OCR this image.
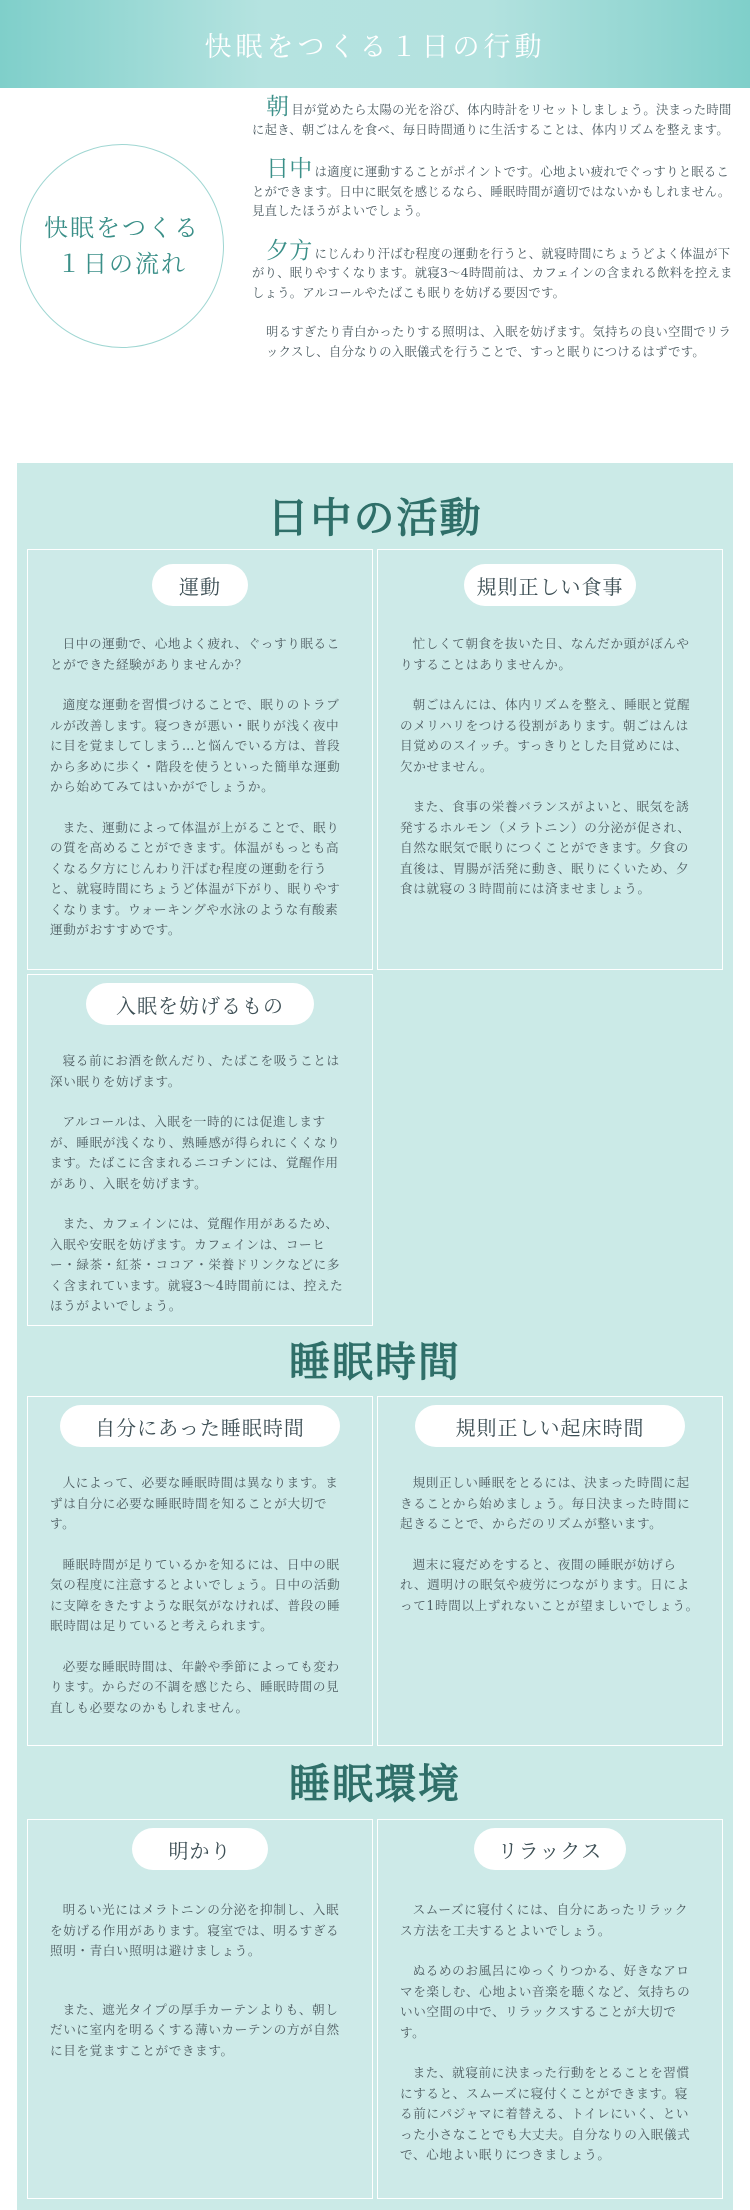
快眠をつくる１日の行動
快眠をつくる
１日の流れ

朝目が覚めたら太陽の光を浴び、体内時計をリセットしましょう。決まった時間に起き、朝ごはんを食べ、毎日時間通りに生活することは、体内リズムを整えます。

日中 は適度に運動することがポイントです。心地よい疲れでぐっすりと眠ることができます。日中に眠気を感じるなら、睡眠時間が適切ではないかもしれません。見直したほうがよいでしょう。

夕方 にじんわり汗ばむ程度の運動を行うと、就寝時間にちょうどよく体温が下がり、眠りやすくなります。就寝3～4時間前は、カフェインの含まれる飲料を控えましょう。アルコールやたばこも眠りを妨げる要因です。

明るすぎたり青白かったりする照明は、入眠を妨げます。気持ちの良い空間でリラックスし、自分なりの入眠儀式を行うことで、すっと眠りにつけるはずです。

日中の活動
運動

日中の運動で、心地よく疲れ、ぐっすり眠ることができた経験がありませんか？

適度な運動を習慣づけることで、眠りのトラブルが改善します。寝つきが悪い・眠りが浅く夜中に目を覚ましてしまう…と悩んでいる方は、普段から多めに歩く・階段を使うといった簡単な運動から始めてみてはいかがでしょうか。

また、運動によって体温が上がることで、眠りの質を高めることができます。体温がもっとも高くなる夕方にじんわり汗ばむ程度の運動を行うと、就寝時間にちょうど体温が下がり、眠りやすくなります。ウォーキングや水泳のような有酸素運動がおすすめです。

規則正しい食事

忙しくて朝食を抜いた日、なんだか頭がぼんやりすることはありませんか。

朝ごはんには、体内リズムを整え、睡眠と覚醒のメリハリをつける役割があります。朝ごはんは目覚めのスイッチ。すっきりとした目覚めには、欠かせません。

また、食事の栄養バランスがよいと、眠気を誘発するホルモン（メラトニン）の分泌が促され、自然な眠気で眠りにつくことができます。夕食の直後は、胃腸が活発に動き、眠りにくいため、夕食は就寝の３時間前には済ませましょう。

入眠を妨げるもの

寝る前にお酒を飲んだり、たばこを吸うことは深い眠りを妨げます。

アルコールは、入眠を一時的には促進しますが、睡眠が浅くなり、熟睡感が得られにくくなります。たばこに含まれるニコチンには、覚醒作用があり、入眠を妨げます。

また、カフェインには、覚醒作用があるため、入眠や安眠を妨げます。カフェインは、コーヒー・緑茶・紅茶・ココア・栄養ドリンクなどに多く含まれています。就寝3～4時間前には、控えたほうがよいでしょう。

睡眠時間
自分にあった睡眠時間

人によって、必要な睡眠時間は異なります。まずは自分に必要な睡眠時間を知ることが大切です。

睡眠時間が足りているかを知るには、日中の眠気の程度に注意するとよいでしょう。日中の活動に支障をきたすような眠気がなければ、普段の睡眠時間は足りていると考えられます。

必要な睡眠時間は、年齢や季節によっても変わります。からだの不調を感じたら、睡眠時間の見直しも必要なのかもしれません。

規則正しい起床時間

規則正しい睡眠をとるには、決まった時間に起きることから始めましょう。毎日決まった時間に起きることで、からだのリズムが整います。

週末に寝だめをすると、夜間の睡眠が妨げられ、週明けの眠気や疲労につながります。日によって1時間以上ずれないことが望ましいでしょう。

睡眠環境
明かり

明るい光にはメラトニンの分泌を抑制し、入眠を妨げる作用があります。寝室では、明るすぎる照明・青白い照明は避けましょう。

また、遮光タイプの厚手カーテンよりも、朝しだいに室内を明るくする薄いカーテンの方が自然に目を覚ますことができます。

リラックス

スムーズに寝付くには、自分にあったリラックス方法を工夫するとよいでしょう。

ぬるめのお風呂にゆっくりつかる、好きなアロマを楽しむ、心地よい音楽を聴くなど、気持ちのいい空間の中で、リラックスすることが大切です。

また、就寝前に決まった行動をとることを習慣にすると、スムーズに寝付くことができます。寝る前にパジャマに着替える、トイレにいく、といった小さなことでも大丈夫。自分なりの入眠儀式で、心地よい眠りにつきましょう。
